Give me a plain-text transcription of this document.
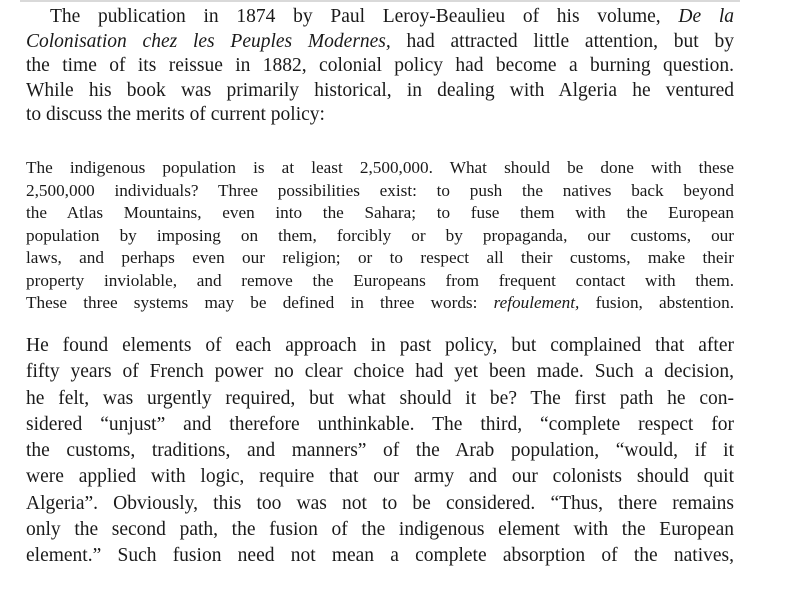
The publication in 1874 by Paul Leroy-Beaulieu of his volume, De la
Colonisation chez les Peuples Modernes, had attracted little attention, but by
the time of its reissue in 1882, colonial policy had become a burning question.
While his book was primarily historical, in dealing with Algeria he ventured
to discuss the merits of current policy:
The indigenous population is at least 2,500,000. What should be done with these
2,500,000 individuals? Three possibilities exist: to push the natives back beyond
the Atlas Mountains, even into the Sahara; to fuse them with the European
population by imposing on them, forcibly or by propaganda, our customs, our
laws, and perhaps even our religion; or to respect all their customs, make their
property inviolable, and remove the Europeans from frequent contact with them.
These three systems may be defined in three words: refoulement, fusion, abstention.
He found elements of each approach in past policy, but complained that after
fifty years of French power no clear choice had yet been made. Such a decision,
he felt, was urgently required, but what should it be? The first path he con-
sidered “unjust” and therefore unthinkable. The third, “complete respect for
the customs, traditions, and manners” of the Arab population, “would, if it
were applied with logic, require that our army and our colonists should quit
Algeria”. Obviously, this too was not to be considered. “Thus, there remains
only the second path, the fusion of the indigenous element with the European
element.” Such fusion need not mean a complete absorption of the natives,
